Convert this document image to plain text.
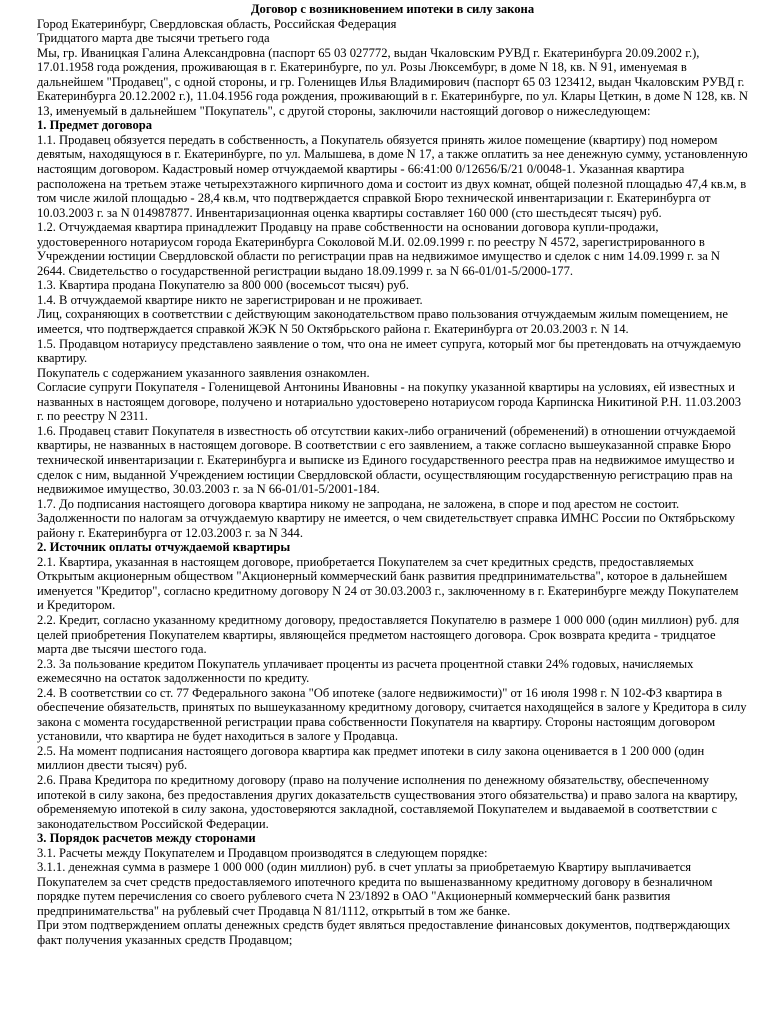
Договор с возникновением ипотеки в силу закона

Город Екатеринбург, Свердловская область, Российская Федерация

Тридцатого марта две тысячи третьего года

Мы, гр. Иваницкая Галина Александровна (паспорт 65 03 027772, выдан Чкаловским РУВД г. Екатеринбурга 20.09.2002 г.), 17.01.1958 года рождения, проживающая в г. Екатеринбурге, по ул. Розы Люксембург, в доме N 18, кв. N 91, именуемая в дальнейшем "Продавец", с одной стороны, и гр. Голенищев Илья Владимирович (паспорт 65 03 123412, выдан Чкаловским РУВД г. Екатеринбурга 20.12.2002 г.), 11.04.1956 года рождения, проживающий в г. Екатеринбурге, по ул. Клары Цеткин, в доме N 128, кв. N 13, именуемый в дальнейшем "Покупатель", с другой стороны, заключили настоящий договор о нижеследующем:

1. Предмет договора

1.1. Продавец обязуется передать в собственность, а Покупатель обязуется принять жилое помещение (квартиру) под номером девятым, находящуюся в г. Екатеринбурге, по ул. Малышева, в доме N 17, а также оплатить за нее денежную сумму, установленную настоящим договором. Кадастровый номер отчуждаемой квартиры - 66:41:00 0/12656/Б/21 0/0048-1. Указанная квартира расположена на третьем этаже четырехэтажного кирпичного дома и состоит из двух комнат, общей полезной площадью 47,4 кв.м, в том числе жилой площадью - 28,4 кв.м, что подтверждается справкой Бюро технической инвентаризации г. Екатеринбурга от 10.03.2003 г. за N 014987877. Инвентаризационная оценка квартиры составляет 160 000 (сто шестьдесят тысяч) руб.

1.2. Отчуждаемая квартира принадлежит Продавцу на праве собственности на основании договора купли-продажи, удостоверенного нотариусом города Екатеринбурга Соколовой М.И. 02.09.1999 г. по реестру N 4572, зарегистрированного в Учреждении юстиции Свердловской области по регистрации прав на недвижимое имущество и сделок с ним 14.09.1999 г. за N 2644. Свидетельство о государственной регистрации выдано 18.09.1999 г. за N 66-01/01-5/2000-177.

1.3. Квартира продана Покупателю за 800 000 (восемьсот тысяч) руб.

1.4. В отчуждаемой квартире никто не зарегистрирован и не проживает.

Лиц, сохраняющих в соответствии с действующим законодательством право пользования отчуждаемым жилым помещением, не имеется, что подтверждается справкой ЖЭК N 50 Октябрьского района г. Екатеринбурга от 20.03.2003 г. N 14.

1.5. Продавцом нотариусу представлено заявление о том, что она не имеет супруга, который мог бы претендовать на отчуждаемую квартиру.

Покупатель с содержанием указанного заявления ознакомлен.

Согласие супруги Покупателя - Голенищевой Антонины Ивановны - на покупку указанной квартиры на условиях, ей известных и названных в настоящем договоре, получено и нотариально удостоверено нотариусом города Карпинска Никитиной Р.Н. 11.03.2003 г. по реестру N 2311.

1.6. Продавец ставит Покупателя в известность об отсутствии каких-либо ограничений (обременений) в отношении отчуждаемой квартиры, не названных в настоящем договоре. В соответствии с его заявлением, а также согласно вышеуказанной справке Бюро технической инвентаризации г. Екатеринбурга и выписке из Единого государственного реестра прав на недвижимое имущество и сделок с ним, выданной Учреждением юстиции Свердловской области, осуществляющим государственную регистрацию прав на недвижимое имущество, 30.03.2003 г. за N 66-01/01-5/2001-184.

1.7. До подписания настоящего договора квартира никому не запродана, не заложена, в споре и под арестом не состоит. Задолженности по налогам за отчуждаемую квартиру не имеется, о чем свидетельствует справка ИМНС России по Октябрьскому району г. Екатеринбурга от 12.03.2003 г. за N 344.

2. Источник оплаты отчуждаемой квартиры

2.1. Квартира, указанная в настоящем договоре, приобретается Покупателем за счет кредитных средств, предоставляемых Открытым акционерным обществом "Акционерный коммерческий банк развития предпринимательства", которое в дальнейшем именуется "Кредитор", согласно кредитному договору N 24 от 30.03.2003 г., заключенному в г. Екатеринбурге между Покупателем и Кредитором.

2.2. Кредит, согласно указанному кредитному договору, предоставляется Покупателю в размере 1 000 000 (один миллион) руб. для целей приобретения Покупателем квартиры, являющейся предметом настоящего договора. Срок возврата кредита - тридцатое марта две тысячи шестого года.

2.3. За пользование кредитом Покупатель уплачивает проценты из расчета процентной ставки 24% годовых, начисляемых ежемесячно на остаток задолженности по кредиту.

2.4. В соответствии со ст. 77 Федерального закона "Об ипотеке (залоге недвижимости)" от 16 июля 1998 г. N 102-ФЗ квартира в обеспечение обязательств, принятых по вышеуказанному кредитному договору, считается находящейся в залоге у Кредитора в силу закона с момента государственной регистрации права собственности Покупателя на квартиру. Стороны настоящим договором установили, что квартира не будет находиться в залоге у Продавца.

2.5. На момент подписания настоящего договора квартира как предмет ипотеки в силу закона оценивается в 1 200 000 (один миллион двести тысяч) руб.

2.6. Права Кредитора по кредитному договору (право на получение исполнения по денежному обязательству, обеспеченному ипотекой в силу закона, без предоставления других доказательств существования этого обязательства) и право залога на квартиру, обременяемую ипотекой в силу закона, удостоверяются закладной, составляемой Покупателем и выдаваемой в соответствии с законодательством Российской Федерации.

3. Порядок расчетов между сторонами

3.1. Расчеты между Покупателем и Продавцом производятся в следующем порядке:

3.1.1. денежная сумма в размере 1 000 000 (один миллион) руб. в счет уплаты за приобретаемую Квартиру выплачивается Покупателем за счет средств предоставляемого ипотечного кредита по вышеназванному кредитному договору в безналичном порядке путем перечисления со своего рублевого счета N 23/1892 в ОАО "Акционерный коммерческий банк развития предпринимательства" на рублевый счет Продавца N 81/1112, открытый в том же банке.

При этом подтверждением оплаты денежных средств будет являться предоставление финансовых документов, подтверждающих факт получения указанных средств Продавцом;
